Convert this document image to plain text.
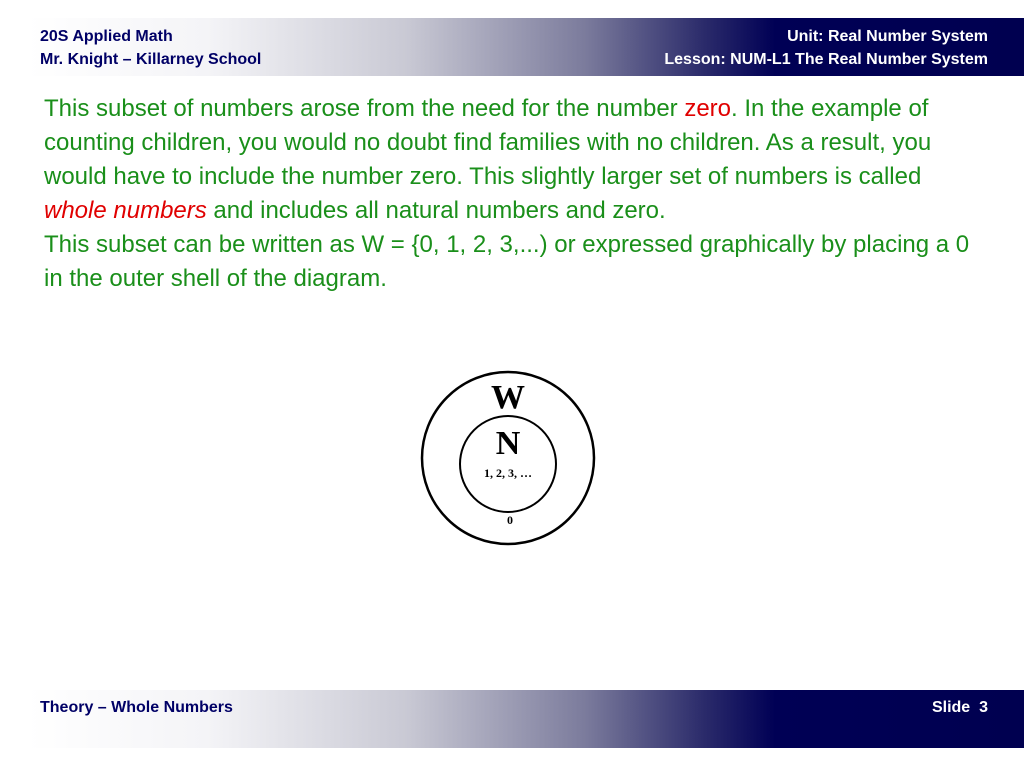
20S Applied Math
Mr. Knight – Killarney School
Unit: Real Number System
Lesson: NUM-L1 The Real Number System

This subset of numbers arose from the need for the number zero. In the example of counting children, you would no doubt find families with no children. As a result, you would have to include the number zero. This slightly larger set of numbers is called whole numbers and includes all natural numbers and zero.

This subset can be written as W = {0, 1, 2, 3,...) or expressed graphically by placing a 0 in the outer shell of the diagram.

W
N
1, 2, 3, …
0
Theory – Whole Numbers	Slide 3
